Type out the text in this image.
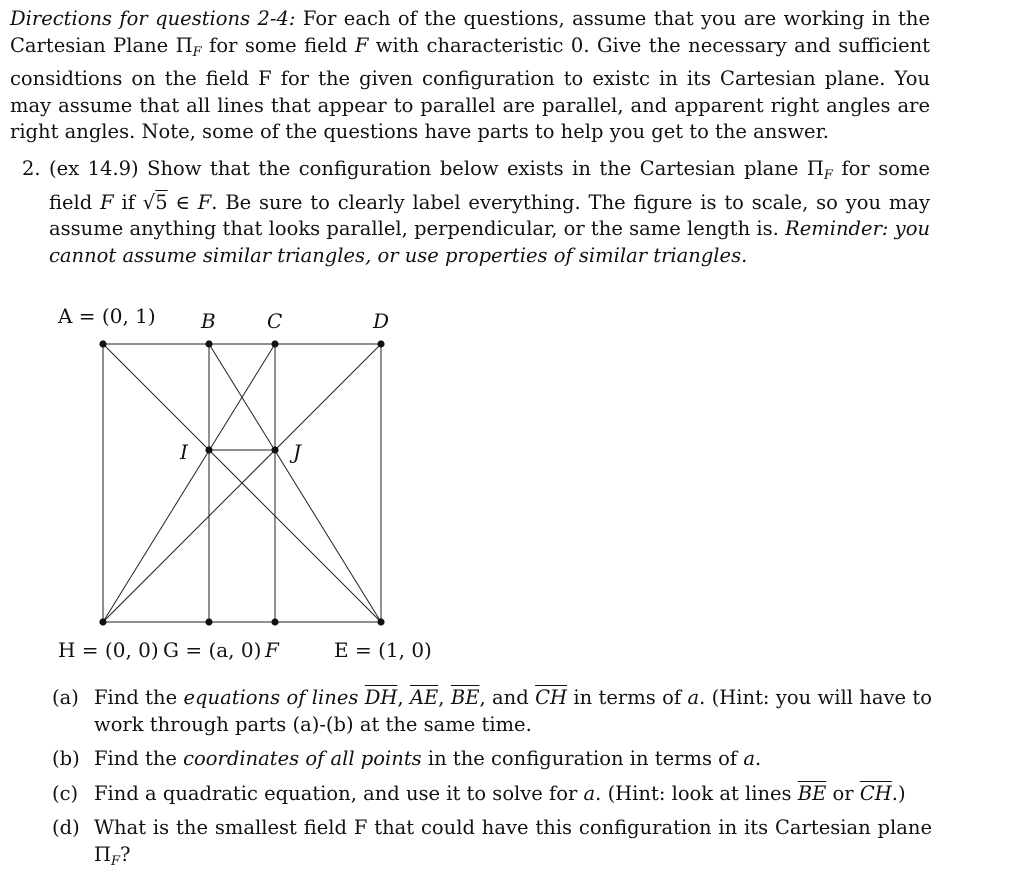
Directions for questions 2-4: For each of the questions, assume that you are working in the Cartesian Plane $\Pi_F$ for some field F with characteristic 0. Give the necessary and sufficient considtions on the field F for the given configuration to existc in its Cartesian plane. You may assume that all lines that appear to parallel are parallel, and apparent right angles are right angles. Note, some of the questions have parts to help you get to the answer.
2. (ex 14.9) Show that the configuration below exists in the Cartesian plane $\Pi_F$ for some field F if √5 ∈ F. Be sure to clearly label everything. The figure is to scale, so you may assume anything that looks parallel, perpendicular, or the same length is. Reminder: you cannot assume similar triangles, or use properties of similar triangles.
A = (0, 1) B	C	D
I	J
H = (0, 0) G = (a, 0) F	E = (1, 0)
(a) Find the equations of lines $\overline{DH}$, $\overline{AE}$, $\overline{BE}$, and $\overline{CH}$ in terms of a. (Hint: you will have to work through parts (a)-(b) at the same time.
(b) Find the coordinates of all points in the configuration in terms of a.
(c) Find a quadratic equation, and use it to solve for a. (Hint: look at lines $\overline{BE}$ or $\overline{CH}$.)
(d) What is the smallest field F that could have this configuration in its Cartesian plane $\Pi_F$?
